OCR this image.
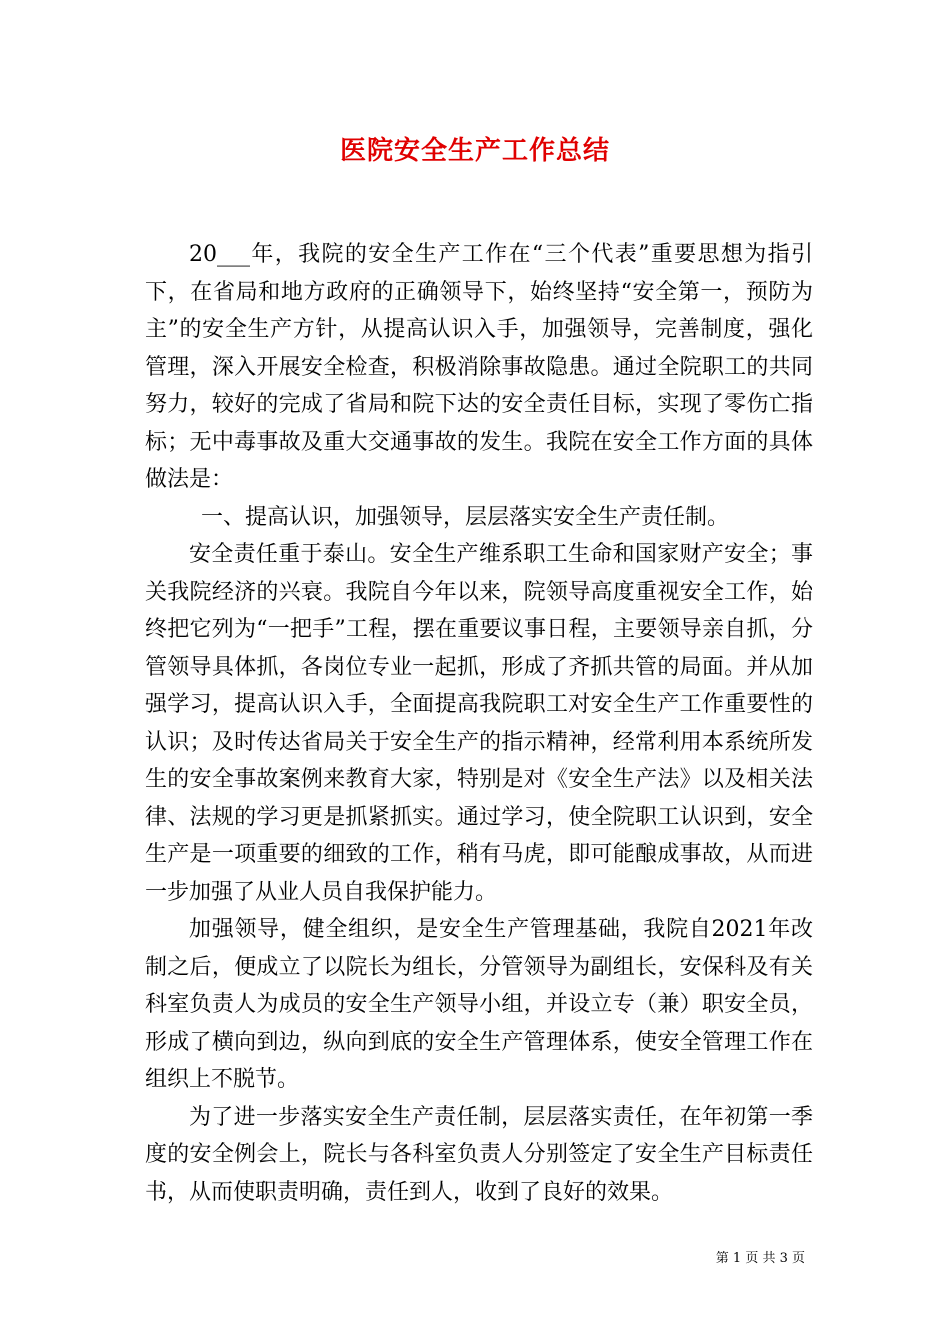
医院安全生产工作总结

20___年，我院的安全生产工作在“三个代表”重要思想为指引下，在省局和地方政府的正确领导下，始终坚持“安全第一，预防为主”的安全生产方针，从提高认识入手，加强领导，完善制度，强化管理，深入开展安全检查，积极消除事故隐患。通过全院职工的共同努力，较好的完成了省局和院下达的安全责任目标，实现了零伤亡指标；无中毒事故及重大交通事故的发生。我院在安全工作方面的具体做法是：

一、提高认识，加强领导，层层落实安全生产责任制。

安全责任重于泰山。安全生产维系职工生命和国家财产安全；事关我院经济的兴衰。我院自今年以来，院领导高度重视安全工作，始终把它列为“一把手”工程，摆在重要议事日程，主要领导亲自抓，分管领导具体抓，各岗位专业一起抓，形成了齐抓共管的局面。并从加强学习，提高认识入手，全面提高我院职工对安全生产工作重要性的认识；及时传达省局关于安全生产的指示精神，经常利用本系统所发生的安全事故案例来教育大家，特别是对《安全生产法》以及相关法律、法规的学习更是抓紧抓实。通过学习，使全院职工认识到，安全生产是一项重要的细致的工作，稍有马虎，即可能酿成事故，从而进一步加强了从业人员自我保护能力。

加强领导，健全组织，是安全生产管理基础，我院自2021年改制之后，便成立了以院长为组长，分管领导为副组长，安保科及有关科室负责人为成员的安全生产领导小组，并设立专（兼）职安全员，形成了横向到边，纵向到底的安全生产管理体系，使安全管理工作在组织上不脱节。

为了进一步落实安全生产责任制，层层落实责任，在年初第一季度的安全例会上，院长与各科室负责人分别签定了安全生产目标责任书，从而使职责明确，责任到人，收到了良好的效果。

第 1 页 共 3 页
